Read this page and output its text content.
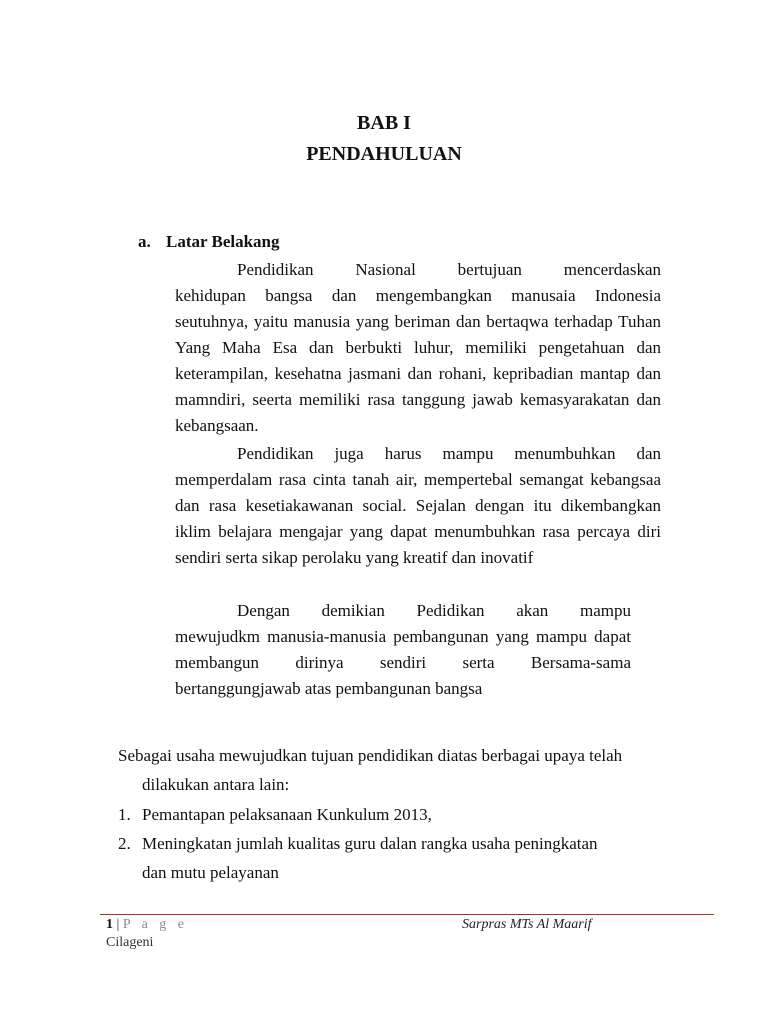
BAB I
PENDAHULUAN
a. Latar Belakang
Pendidikan Nasional bertujuan mencerdaskan
kehidupan bangsa dan mengembangkan manusaia Indonesia seutuhnya, yaitu manusia yang beriman dan bertaqwa terhadap Tuhan Yang Maha Esa dan berbukti luhur, memiliki pengetahuan dan keterampilan, kesehatna jasmani dan rohani, kepribadian mantap dan mamndiri, seerta memiliki rasa tanggung jawab kemasyarakatan dan kebangsaan.
Pendidikan juga harus mampu menumbuhkan dan
memperdalam rasa cinta tanah air, mempertebal semangat kebangsaa dan rasa kesetiakawanan social. Sejalan dengan itu dikembangkan iklim belajara mengajar yang dapat menumbuhkan rasa percaya diri sendiri serta sikap perolaku yang kreatif dan inovatif
Dengan demikian Pedidikan akan mampu
mewujudkm manusia-manusia pembangunan yang mampu dapat membangun dirinya sendiri serta Bersama-sama bertanggungjawab atas pembangunan bangsa

Sebagai usaha mewujudkan tujuan pendidikan diatas berbagai upaya telah dilakukan antara lain:

1. Pemantapan pelaksanaan Kunkulum 2013,
2. Meningkatan jumlah kualitas guru dalan rangka usaha peningkatan dan mutu pelayanan
1 | P a g e
Cilageni
Sarpras MTs Al Maarif
